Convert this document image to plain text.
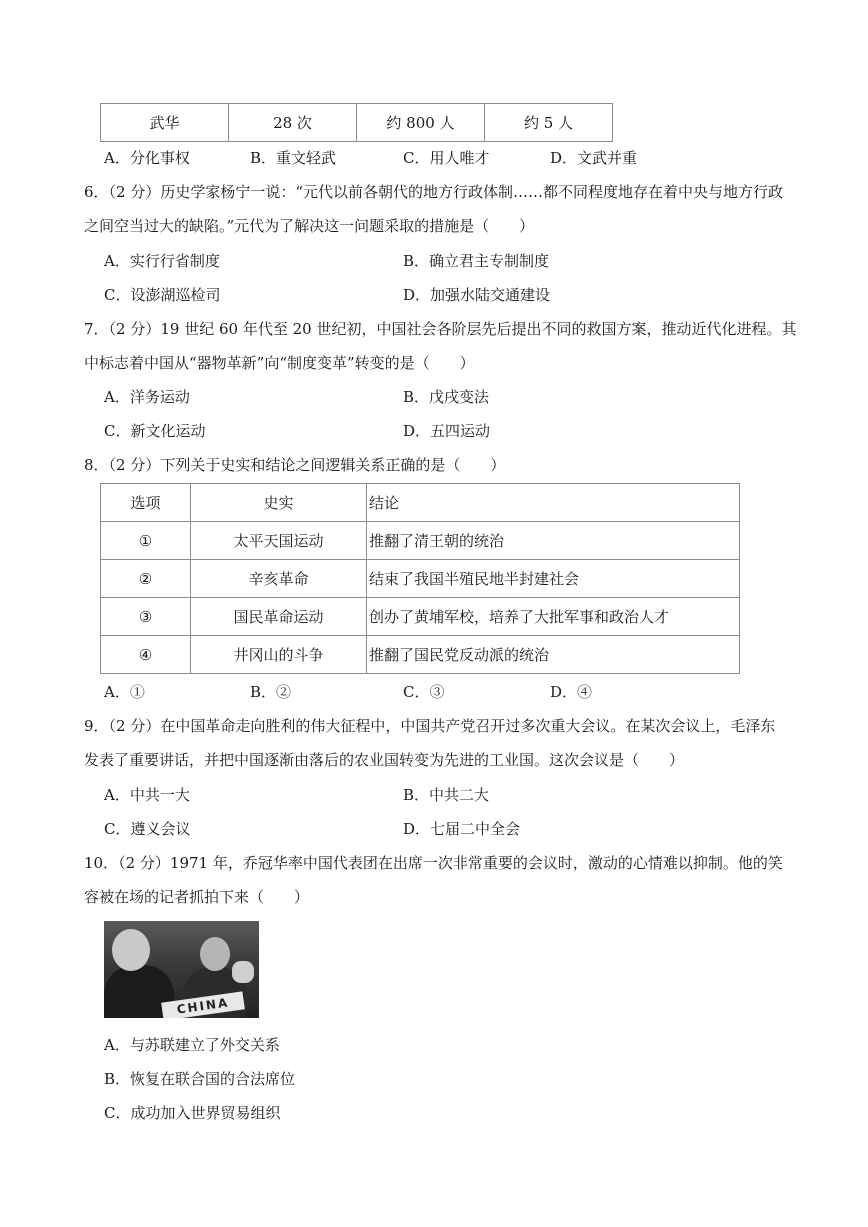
武华	28 次	约 800 人	约 5 人
A．分化事权	B．重文轻武	C．用人唯才	D．文武并重
6．（2 分）历史学家杨宁一说：“元代以前各朝代的地方行政体制……都不同程度地存在着中央与地方行政
之间空当过大的缺陷。”元代为了解决这一问题采取的措施是（　　）
A．实行行省制度	B．确立君主专制制度
C．设澎湖巡检司	D．加强水陆交通建设
7．（2 分）19 世纪 60 年代至 20 世纪初，中国社会各阶层先后提出不同的救国方案，推动近代化进程。其
中标志着中国从“器物革新”向“制度变革”转变的是（　　）
A．洋务运动	B．戊戌变法
C．新文化运动	D．五四运动
8．（2 分）下列关于史实和结论之间逻辑关系正确的是（　　）
选项	史实	结论
①	太平天国运动	推翻了清王朝的统治
②	辛亥革命	结束了我国半殖民地半封建社会
③	国民革命运动	创办了黄埔军校，培养了大批军事和政治人才
④	井冈山的斗争	推翻了国民党反动派的统治
A．①	B．②	C．③	D．④
9．（2 分）在中国革命走向胜利的伟大征程中，中国共产党召开过多次重大会议。在某次会议上，毛泽东
发表了重要讲话，并把中国逐渐由落后的农业国转变为先进的工业国。这次会议是（　　）
A．中共一大	B．中共二大
C．遵义会议	D．七届二中全会
10．（2 分）1971 年，乔冠华率中国代表团在出席一次非常重要的会议时，激动的心情难以抑制。他的笑
容被在场的记者抓拍下来（　　）
CHINA
A．与苏联建立了外交关系
B．恢复在联合国的合法席位
C．成功加入世界贸易组织
